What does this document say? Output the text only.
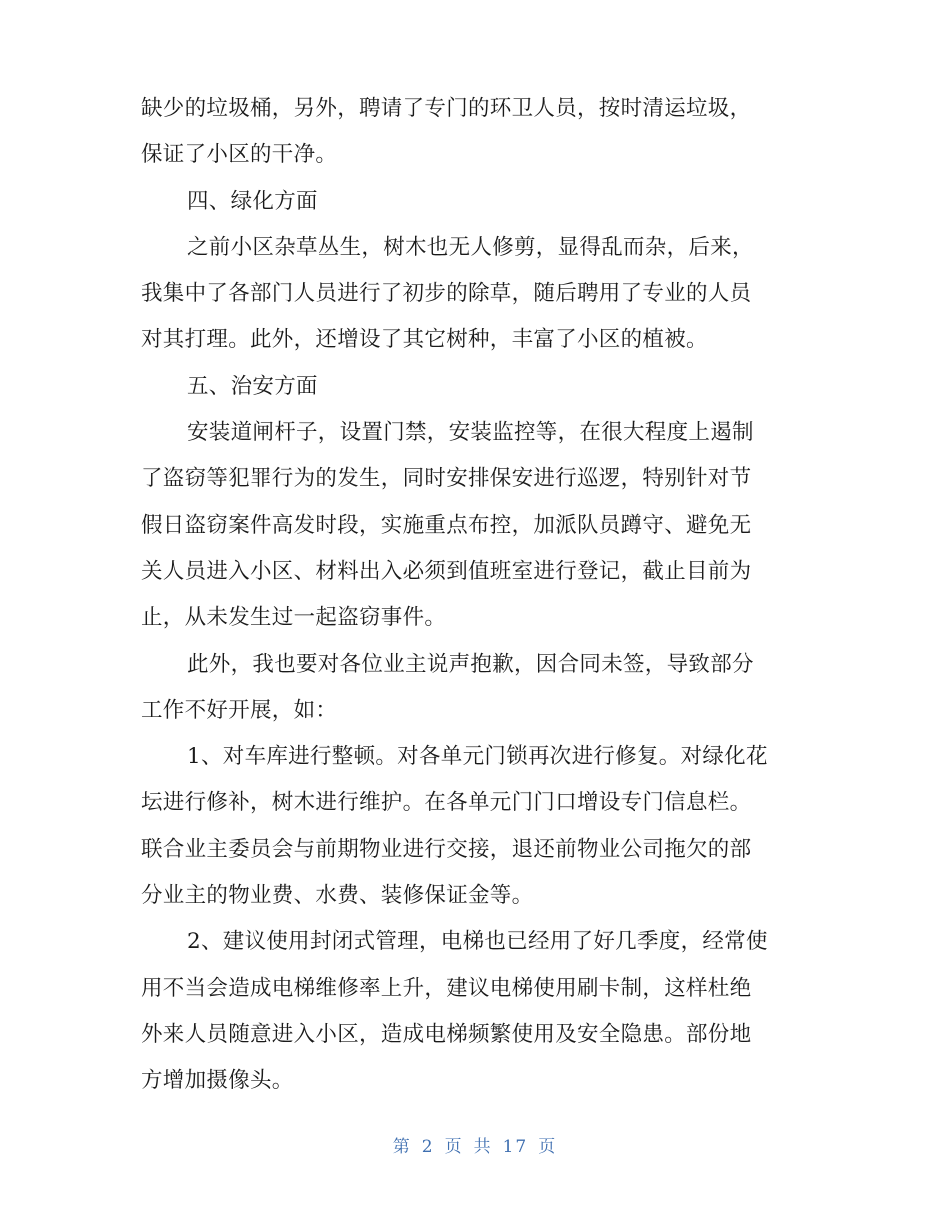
缺少的垃圾桶，另外，聘请了专门的环卫人员，按时清运垃圾，
保证了小区的干净。
四、绿化方面
之前小区杂草丛生，树木也无人修剪，显得乱而杂，后来，
我集中了各部门人员进行了初步的除草，随后聘用了专业的人员
对其打理。此外，还增设了其它树种，丰富了小区的植被。
五、治安方面
安装道闸杆子，设置门禁，安装监控等，在很大程度上遏制
了盗窃等犯罪行为的发生，同时安排保安进行巡逻，特别针对节
假日盗窃案件高发时段，实施重点布控，加派队员蹲守、避免无
关人员进入小区、材料出入必须到值班室进行登记，截止目前为
止，从未发生过一起盗窃事件。
此外，我也要对各位业主说声抱歉，因合同未签，导致部分
工作不好开展，如：
1、对车库进行整顿。对各单元门锁再次进行修复。对绿化花
坛进行修补，树木进行维护。在各单元门门口增设专门信息栏。
联合业主委员会与前期物业进行交接，退还前物业公司拖欠的部
分业主的物业费、水费、装修保证金等。
2、建议使用封闭式管理，电梯也已经用了好几季度，经常使
用不当会造成电梯维修率上升，建议电梯使用刷卡制，这样杜绝
外来人员随意进入小区，造成电梯频繁使用及安全隐患。部份地
方增加摄像头。
第 2 页 共 17 页
